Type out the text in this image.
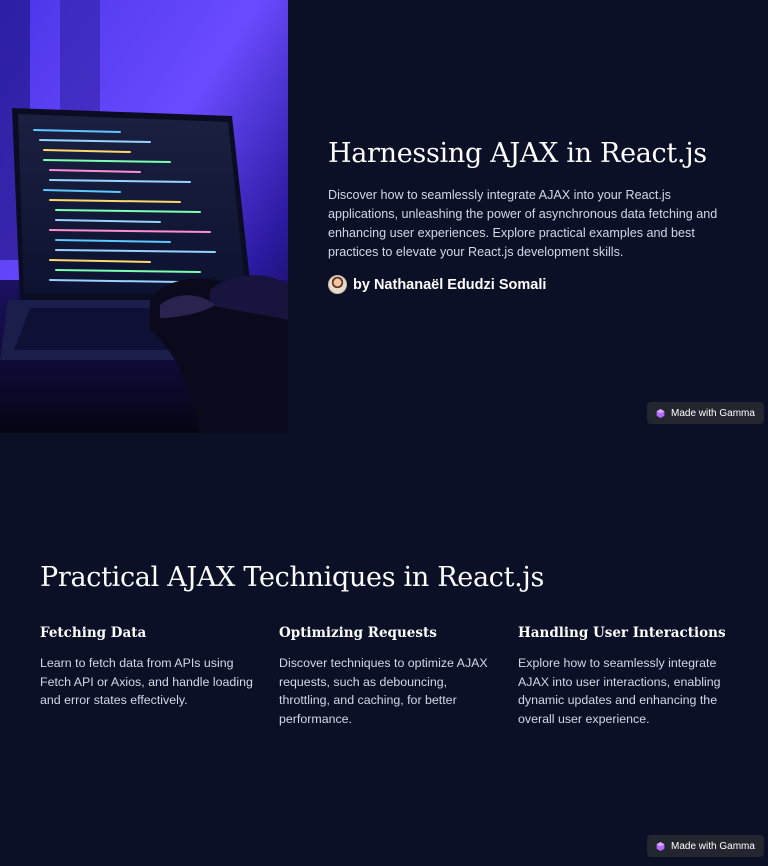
Harnessing AJAX in React.js

Discover how to seamlessly integrate AJAX into your React.js applications, unleashing the power of asynchronous data fetching and enhancing user experiences. Explore practical examples and best practices to elevate your React.js development skills.

by Nathanaël Edudzi Somali
Made with Gamma
Practical AJAX Techniques in React.js
Fetching Data

Learn to fetch data from APIs using Fetch API or Axios, and handle loading and error states effectively.

Optimizing Requests

Discover techniques to optimize AJAX requests, such as debouncing, throttling, and caching, for better performance.

Handling User Interactions

Explore how to seamlessly integrate AJAX into user interactions, enabling dynamic updates and enhancing the overall user experience.

Made with Gamma
